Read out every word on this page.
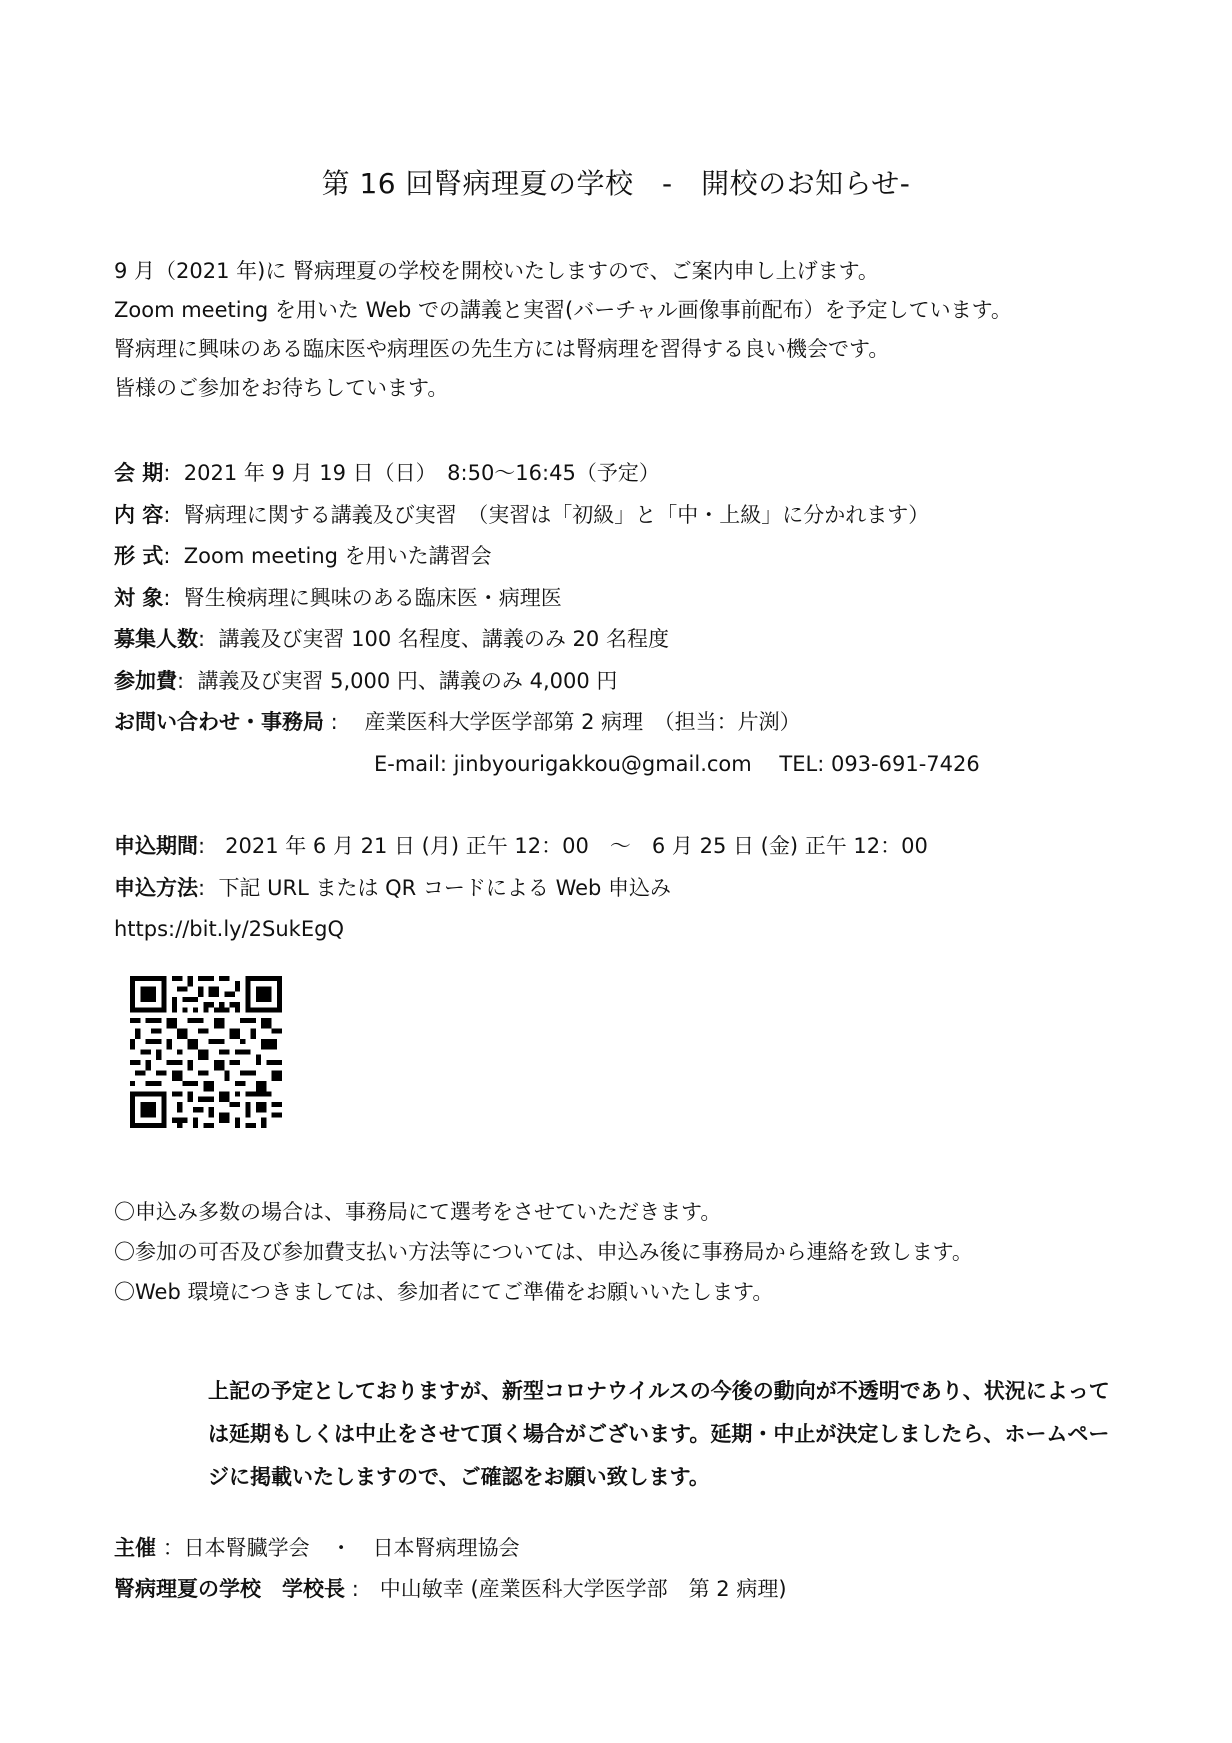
第 16 回腎病理夏の学校　-　開校のお知らせ-

9 月（2021 年)に 腎病理夏の学校を開校いたしますので、ご案内申し上げます。

Zoom meeting を用いた Web での講義と実習(バーチャル画像事前配布）を予定しています。

腎病理に興味のある臨床医や病理医の先生方には腎病理を習得する良い機会です。

皆様のご参加をお待ちしています。

会 期:  2021 年 9 月 19 日（日）　8:50～16:45（予定）
内 容:  腎病理に関する講義及び実習　（実習は「初級」と「中・上級」に分かれます）
形 式:  Zoom meeting を用いた講習会
対 象:  腎生検病理に興味のある臨床医・病理医
募集人数:  講義及び実習 100 名程度、講義のみ 20 名程度
参加費:  講義及び実習 5,000 円、講義のみ 4,000 円
お問い合わせ・事務局 :    産業医科大学医学部第 2 病理　（担当：片渕）
E-mail: jinbyourigakkou@gmail.com　 TEL: 093-691-7426
申込期間:   2021 年 6 月 21 日 (月) 正午 12：00　～　6 月 25 日 (金) 正午 12：00
申込方法:  下記 URL または QR コードによる Web 申込み
https://bit.ly/2SukEgQ

〇申込み多数の場合は、事務局にて選考をさせていただきます。

〇参加の可否及び参加費支払い方法等については、申込み後に事務局から連絡を致します。

〇Web 環境につきましては、参加者にてご準備をお願いいたします。

上記の予定としておりますが、新型コロナウイルスの今後の動向が不透明であり、状況によっては延期もしくは中止をさせて頂く場合がございます。延期・中止が決定しましたら、ホームページに掲載いたしますので、ご確認をお願い致します。

主催 ：日本腎臓学会　・　日本腎病理協会
腎病理夏の学校　学校長 :　中山敏幸 (産業医科大学医学部　第 2 病理)
